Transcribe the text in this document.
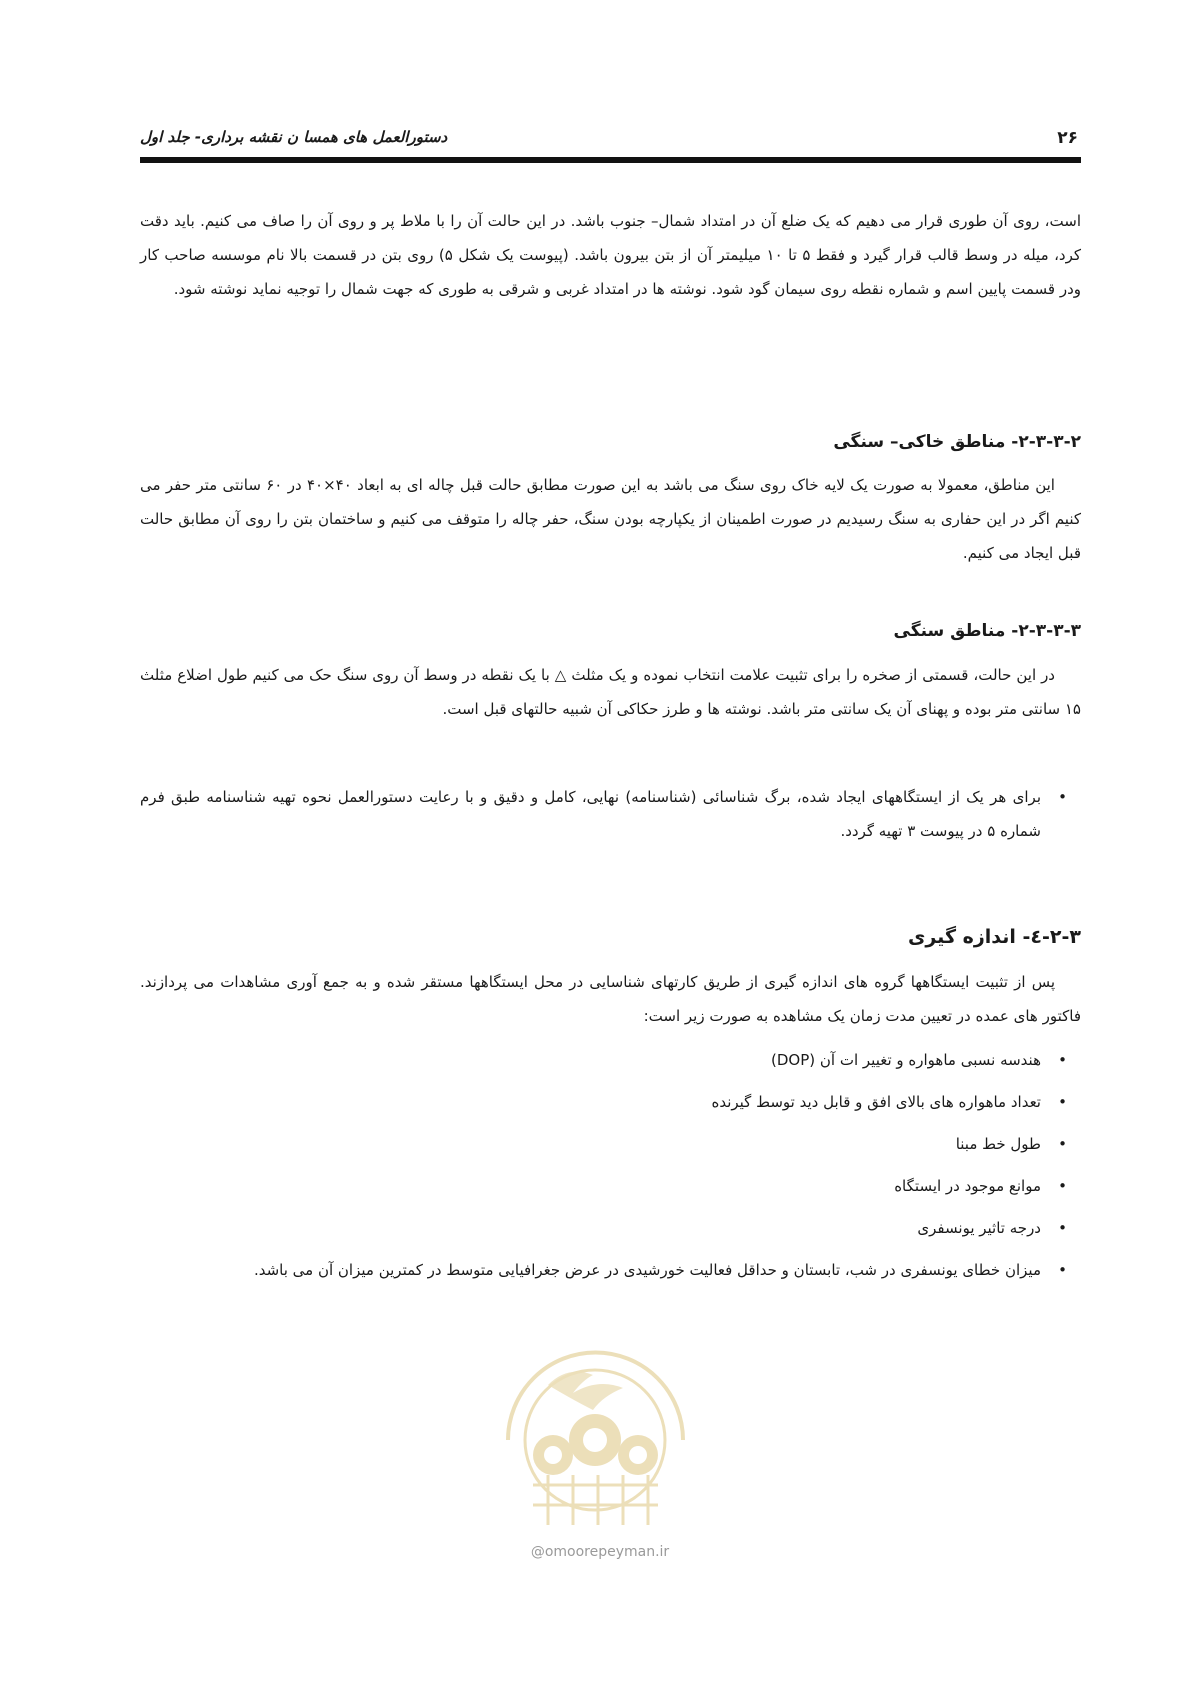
۲۶
دستورالعمل های همسا ن نقشه برداری- جلد اول
است، روی آن طوری قرار می دهیم که یک ضلع آن در امتداد شمال– جنوب باشد. در این حالت آن را با ملاط پر و روی آن را صاف می کنیم. باید دقت کرد، میله در وسط قالب قرار گیرد و فقط ۵ تا ۱۰ میلیمتر آن از بتن بیرون باشد. (پیوست یک شکل ۵) روی بتن در قسمت بالا نام موسسه صاحب کار ودر قسمت پایین اسم و شماره نقطه روی سیمان گود شود. نوشته ها در امتداد غربی و شرقی به طوری که جهت شمال را توجیه نماید نوشته شود.
۲-۳-۳-۲- مناطق خاکی– سنگی
این مناطق، معمولا به صورت یک لایه خاک روی سنگ می باشد به این صورت مطابق حالت قبل چاله ای به ابعاد ۴۰×۴۰ در ۶۰ سانتی متر حفر می کنیم اگر در این حفاری به سنگ رسیدیم در صورت اطمینان از یکپارچه بودن سنگ، حفر چاله را متوقف می کنیم و ساختمان بتن را روی آن مطابق حالت قبل ایجاد می کنیم.
۲-۳-۳-۳- مناطق سنگی
در این حالت، قسمتی از صخره را برای تثبیت علامت انتخاب نموده و یک مثلث △ با یک نقطه در وسط آن روی سنگ حک می کنیم طول اضلاع مثلث ۱۵ سانتی متر بوده و پهنای آن یک سانتی متر باشد. نوشته ها و طرز حکاکی آن شبیه حالتهای قبل است.
•
برای هر یک از ایستگاههای ایجاد شده، برگ شناسائی (شناسنامه) نهایی، کامل و دقیق و با رعایت دستورالعمل نحوه تهیه شناسنامه طبق فرم شماره ۵ در پیوست ۳ تهیه گردد.
۲-۳-٤- اندازه گیری
پس از تثبیت ایستگاهها گروه های اندازه گیری از طریق کارتهای شناسایی در محل ایستگاهها مستقر شده و به جمع آوری مشاهدات می پردازند. فاکتور های عمده در تعیین مدت زمان یک مشاهده به صورت زیر است:
•
هندسه نسبی ماهواره و تغییر ات آن (DOP)
•
تعداد ماهواره های بالای افق و قابل دید توسط گیرنده
•
طول خط مبنا
•
موانع موجود در ایستگاه
•
درجه تاثیر یونسفری
•
میزان خطای یونسفری در شب، تابستان و حداقل فعالیت خورشیدی در عرض جغرافیایی متوسط در کمترین میزان آن می باشد.
@omoorepeyman.ir
